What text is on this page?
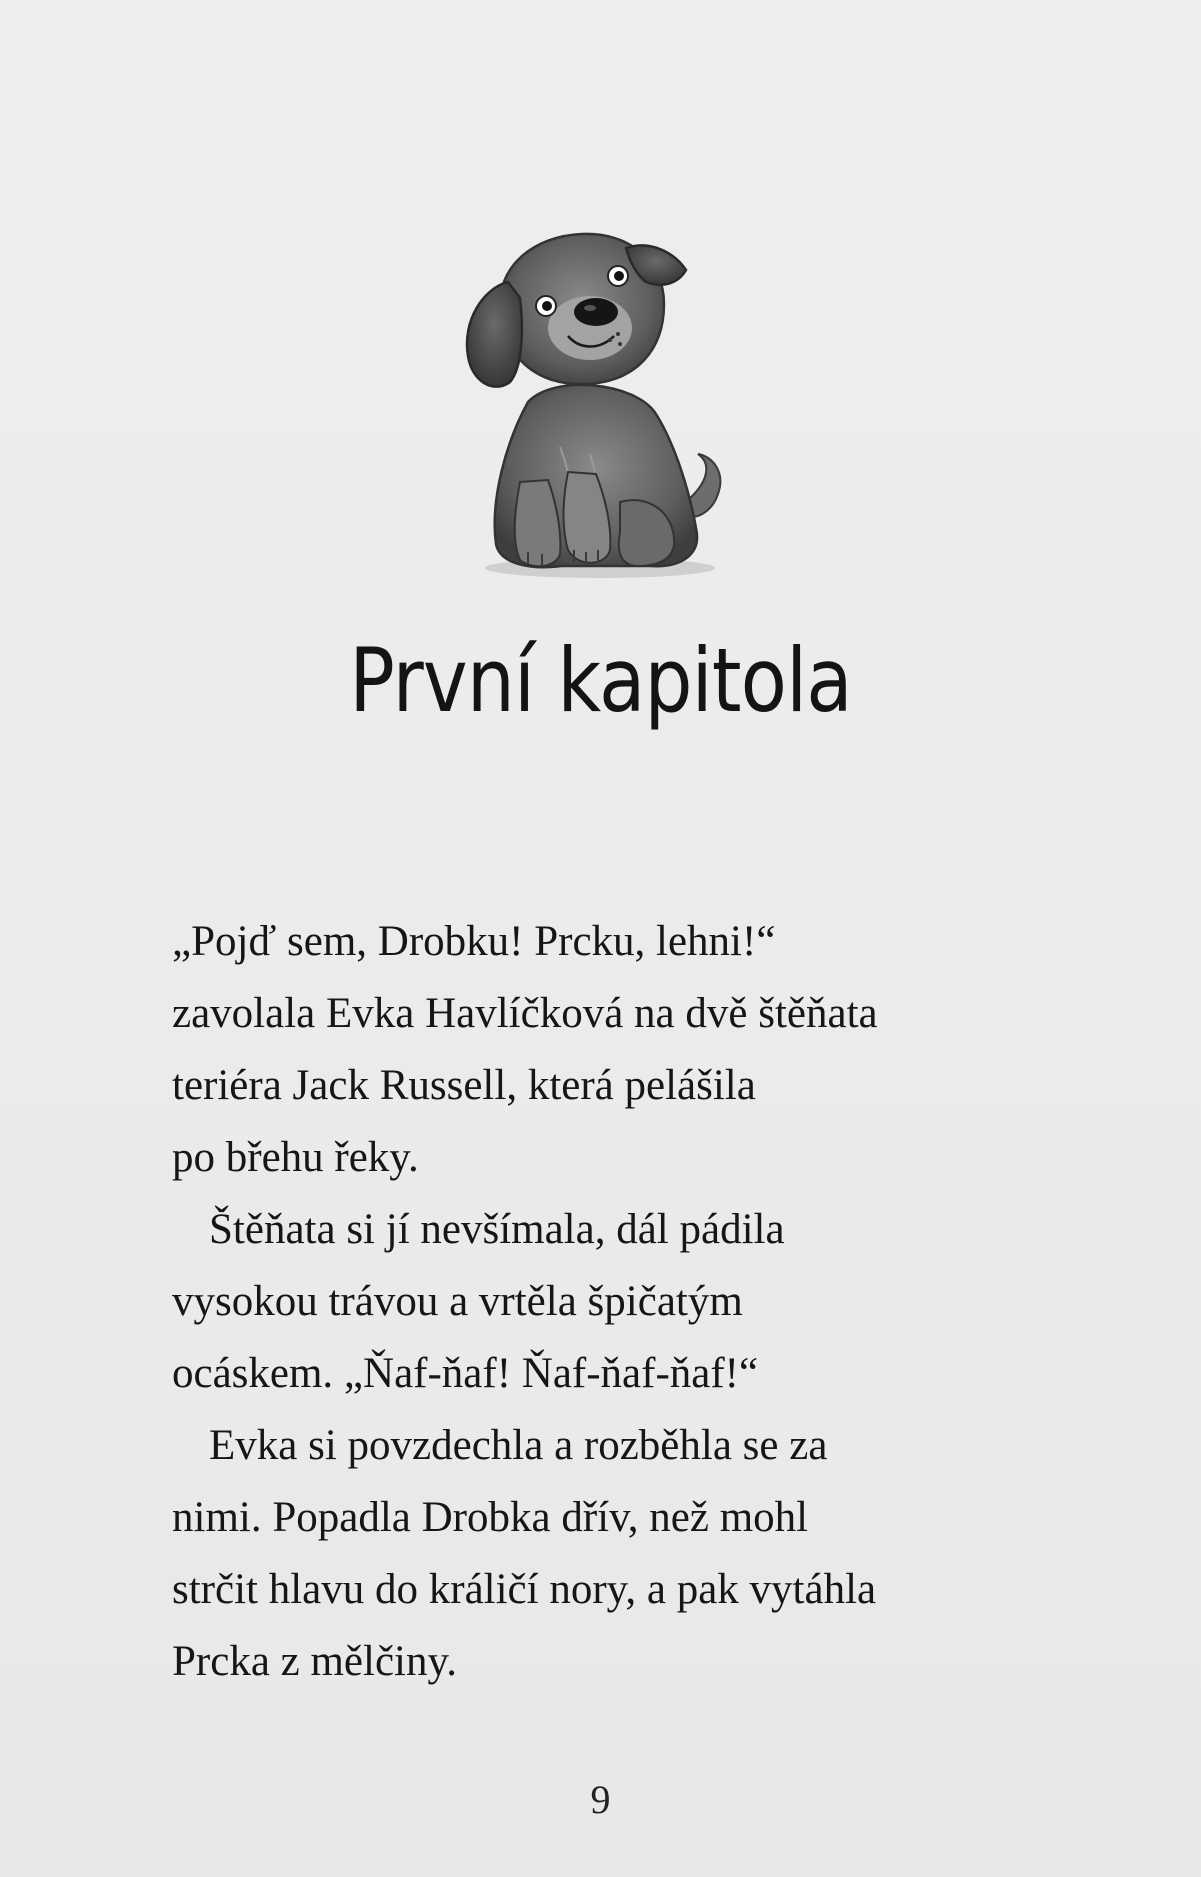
První kapitola
„Pojď sem, Drobku! Prcku, lehni!“
zavolala Evka Havlíčková na dvě štěňata
teriéra Jack Russell, která pelášila
po břehu řeky.
Štěňata si jí nevšímala, dál pádila
vysokou trávou a vrtěla špičatým
ocáskem. „Ňaf-ňaf! Ňaf-ňaf-ňaf!“
Evka si povzdechla a rozběhla se za
nimi. Popadla Drobka dřív, než mohl
strčit hlavu do králičí nory, a pak vytáhla
Prcka z mělčiny.
9
